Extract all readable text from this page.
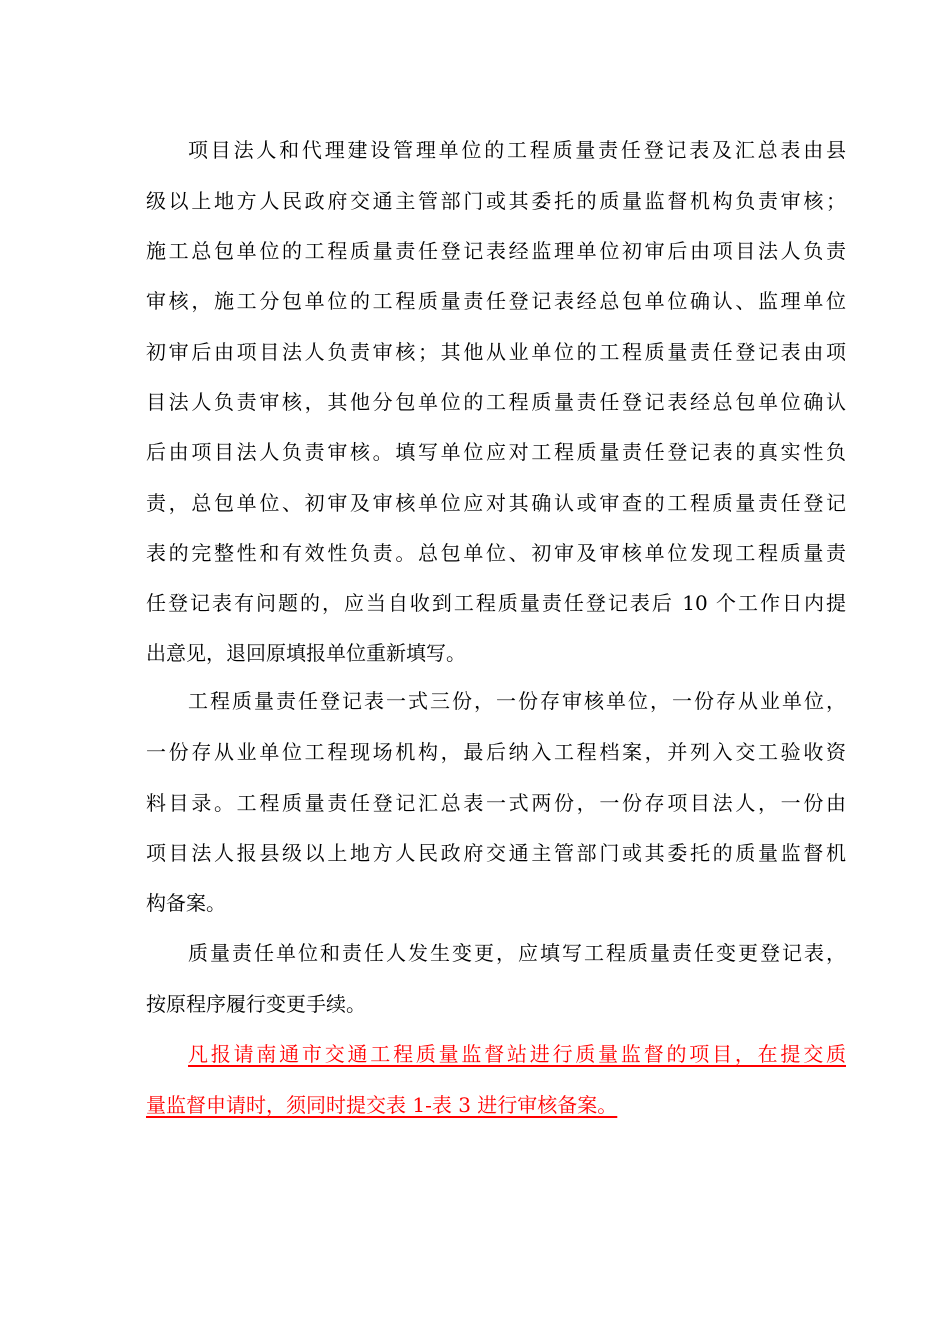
项目法人和代理建设管理单位的工程质量责任登记表及汇总表由县

级以上地方人民政府交通主管部门或其委托的质量监督机构负责审核；

施工总包单位的工程质量责任登记表经监理单位初审后由项目法人负责

审核，施工分包单位的工程质量责任登记表经总包单位确认、监理单位

初审后由项目法人负责审核；其他从业单位的工程质量责任登记表由项

目法人负责审核，其他分包单位的工程质量责任登记表经总包单位确认

后由项目法人负责审核。填写单位应对工程质量责任登记表的真实性负

责，总包单位、初审及审核单位应对其确认或审查的工程质量责任登记

表的完整性和有效性负责。总包单位、初审及审核单位发现工程质量责

任登记表有问题的，应当自收到工程质量责任登记表后 10 个工作日内提

出意见，退回原填报单位重新填写。

工程质量责任登记表一式三份，一份存审核单位，一份存从业单位，

一份存从业单位工程现场机构，最后纳入工程档案，并列入交工验收资

料目录。工程质量责任登记汇总表一式两份，一份存项目法人，一份由

项目法人报县级以上地方人民政府交通主管部门或其委托的质量监督机

构备案。

质量责任单位和责任人发生变更，应填写工程质量责任变更登记表，

按原程序履行变更手续。

凡报请南通市交通工程质量监督站进行质量监督的项目，在提交质

量监督申请时，须同时提交表 1-表 3 进行审核备案。
